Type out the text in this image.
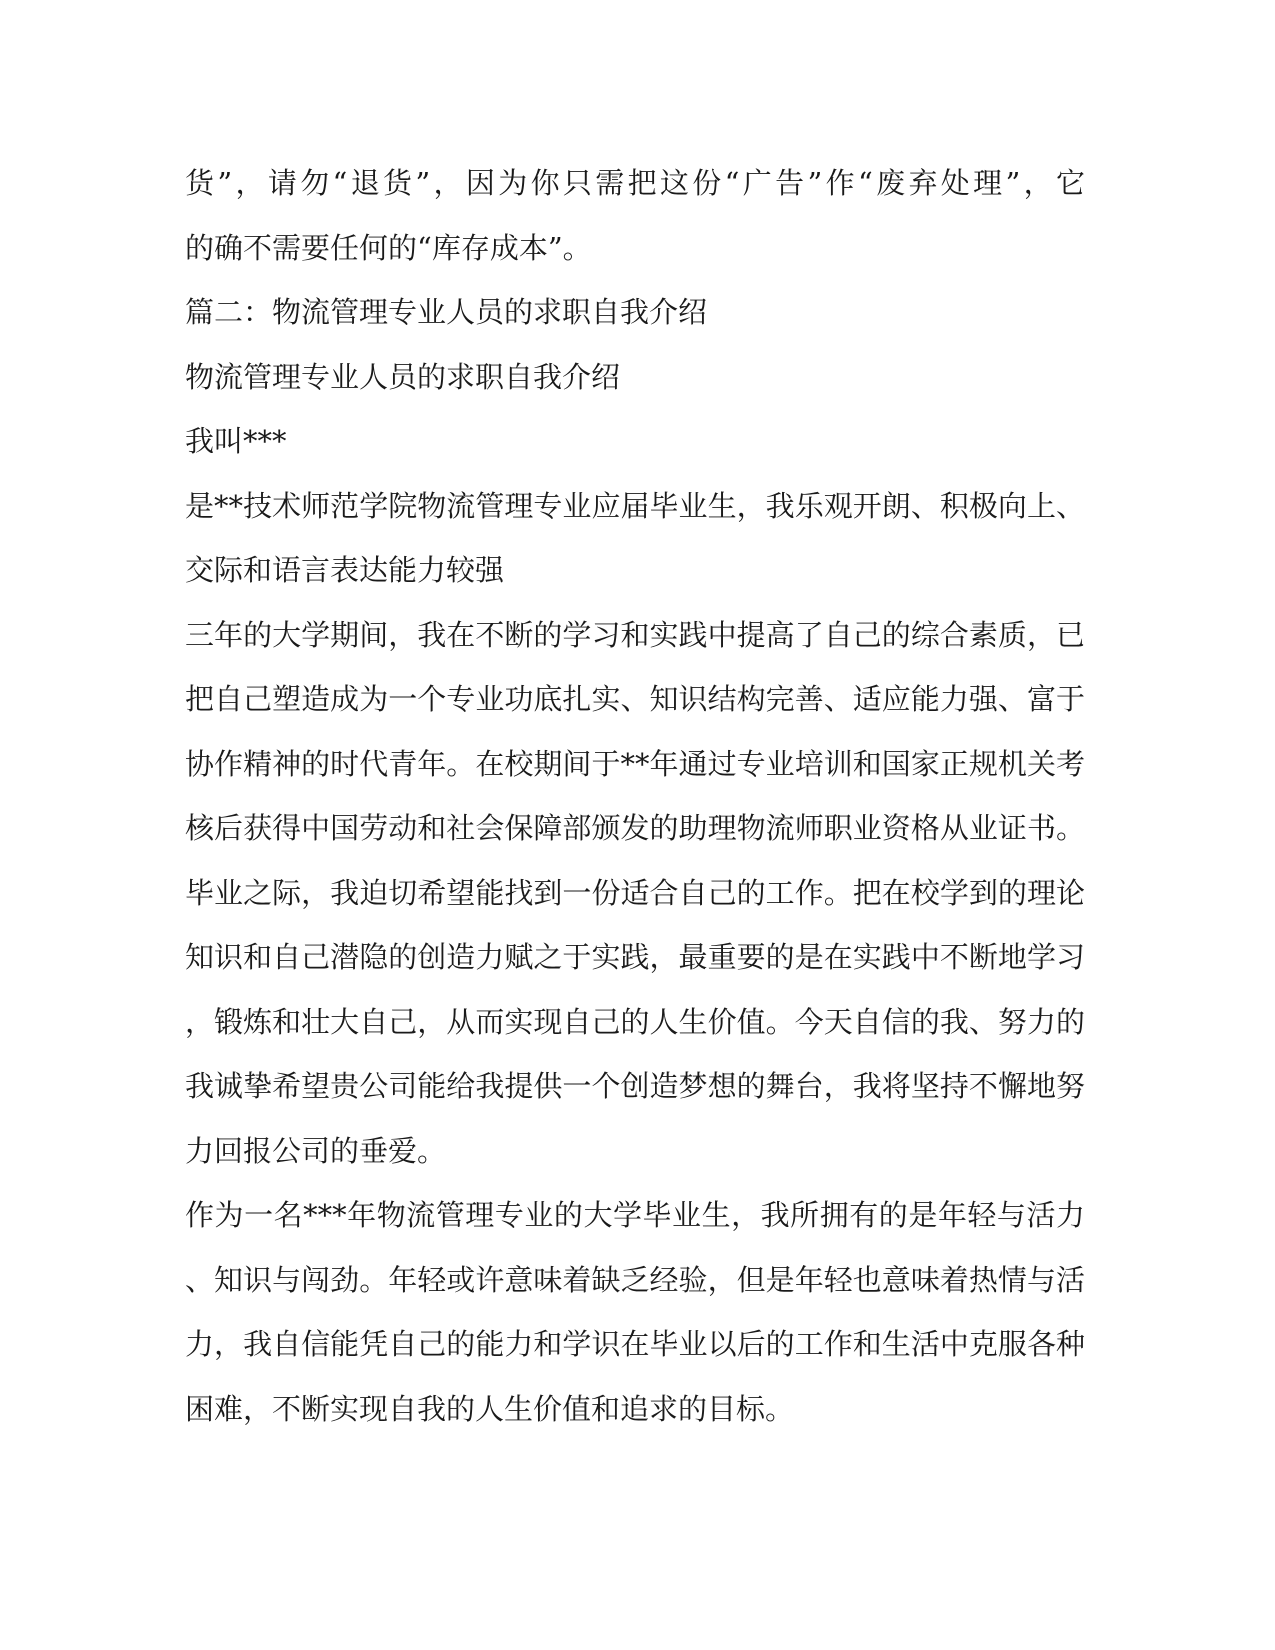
货”，请勿“退货”，因为你只需把这份“广告”作“废弃处理”，它
的确不需要任何的“库存成本”。
篇二：物流管理专业人员的求职自我介绍
物流管理专业人员的求职自我介绍
我叫***
是**技术师范学院物流管理专业应届毕业生，我乐观开朗、积极向上、
交际和语言表达能力较强
三年的大学期间，我在不断的学习和实践中提高了自己的综合素质，已
把自己塑造成为一个专业功底扎实、知识结构完善、适应能力强、富于
协作精神的时代青年。在校期间于**年通过专业培训和国家正规机关考
核后获得中国劳动和社会保障部颁发的助理物流师职业资格从业证书。
毕业之际，我迫切希望能找到一份适合自己的工作。把在校学到的理论
知识和自己潜隐的创造力赋之于实践，最重要的是在实践中不断地学习
，锻炼和壮大自己，从而实现自己的人生价值。今天自信的我、努力的
我诚挚希望贵公司能给我提供一个创造梦想的舞台，我将坚持不懈地努
力回报公司的垂爱。
作为一名***年物流管理专业的大学毕业生，我所拥有的是年轻与活力
、知识与闯劲。年轻或许意味着缺乏经验，但是年轻也意味着热情与活
力，我自信能凭自己的能力和学识在毕业以后的工作和生活中克服各种
困难，不断实现自我的人生价值和追求的目标。
